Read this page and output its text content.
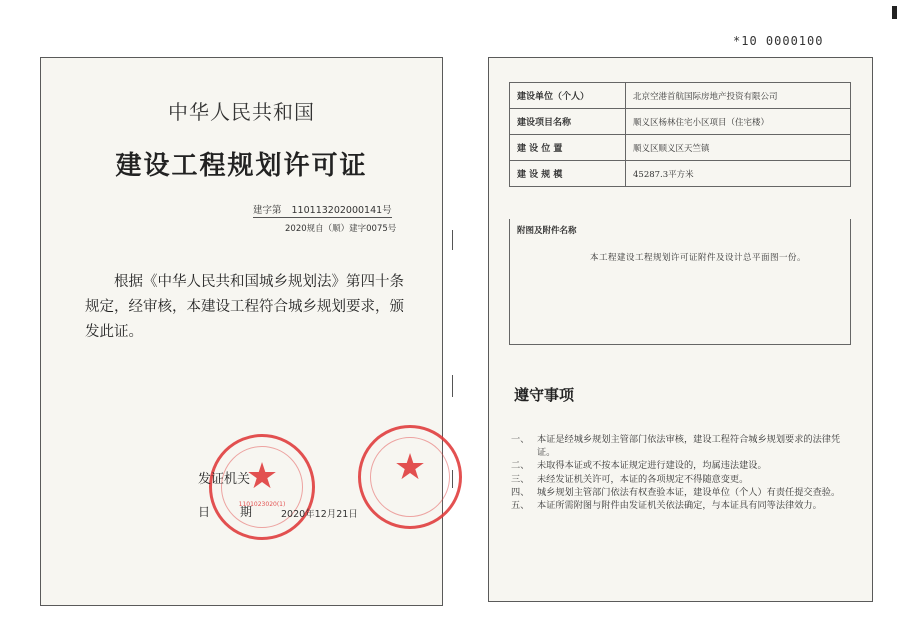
*10 0000100
中华人民共和国
建设工程规划许可证
建字第 110113202000141号
2020规自（顺）建字0075号
根据《中华人民共和国城乡规划法》第四十条规定，经审核，本建设工程符合城乡规划要求，颁发此证。
★
1101023020(1)
发证机关
日	期	2020年12月21日
建设单位（个人）	北京空港首航国际房地产投资有限公司
建设项目名称	顺义区杨林住宅小区项目（住宅楼）
建 设 位 置	顺义区顺义区天竺镇
建 设 规 模	45287.3平方米
附图及附件名称
本工程建设工程规划许可证附件及设计总平面图一份。
遵守事项
一、 本证是经城乡规划主管部门依法审核，建设工程符合城乡规划要求的法律凭证。
二、 未取得本证或不按本证规定进行建设的，均属违法建设。
三、 未经发证机关许可，本证的各项规定不得随意变更。
四、 城乡规划主管部门依法有权查验本证，建设单位（个人）有责任提交查验。
五、 本证所需附图与附件由发证机关依法确定，与本证具有同等法律效力。
★
